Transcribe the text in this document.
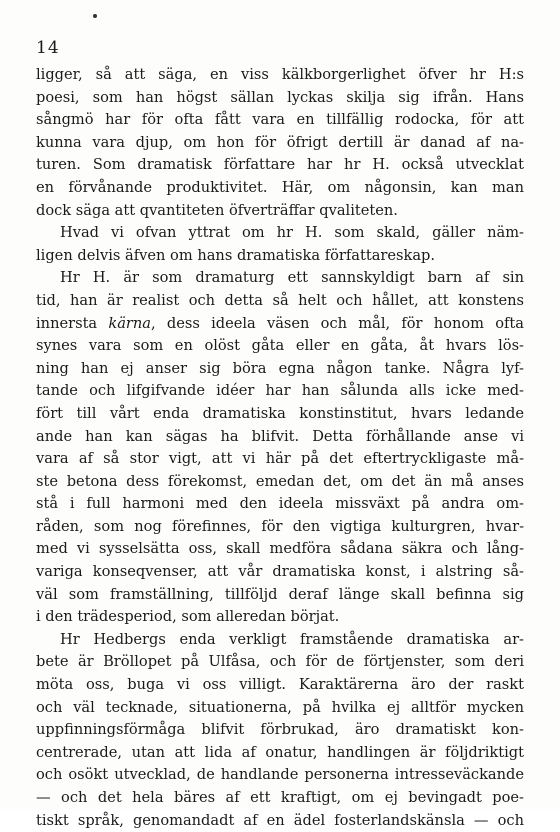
14
ligger, så att säga, en viss kälkborgerlighet öfver hr H:s
poesi, som han högst sällan lyckas skilja sig ifrån. Hans
sångmö har för ofta fått vara en tillfällig rodocka, för att
kunna vara djup, om hon för öfrigt dertill är danad af na-
turen. Som dramatisk författare har hr H. också utvecklat
en förvånande produktivitet. Här, om någonsin, kan man
dock säga att qvantiteten öfverträffar qvaliteten.
Hvad vi ofvan yttrat om hr H. som skald, gäller näm-
ligen delvis äfven om hans dramatiska författareskap.
Hr H. är som dramaturg ett sannskyldigt barn af sin
tid, han är realist och detta så helt och hållet, att konstens
innersta kärna, dess ideela väsen och mål, för honom ofta
synes vara som en olöst gåta eller en gåta, åt hvars lös-
ning han ej anser sig böra egna någon tanke. Några lyf-
tande och lifgifvande idéer har han sålunda alls icke med-
fört till vårt enda dramatiska konstinstitut, hvars ledande
ande han kan sägas ha blifvit. Detta förhållande anse vi
vara af så stor vigt, att vi här på det eftertryckligaste må-
ste betona dess förekomst, emedan det, om det än må anses
stå i full harmoni med den ideela missväxt på andra om-
råden, som nog förefinnes, för den vigtiga kulturgren, hvar-
med vi sysselsätta oss, skall medföra sådana säkra och lång-
variga konseqvenser, att vår dramatiska konst, i alstring så-
väl som framställning, tillföljd deraf länge skall befinna sig
i den trädesperiod, som alleredan börjat.
Hr Hedbergs enda verkligt framstående dramatiska ar-
bete är Bröllopet på Ulfåsa, och för de förtjenster, som deri
möta oss, buga vi oss villigt. Karaktärerna äro der raskt
och väl tecknade, situationerna, på hvilka ej alltför mycken
uppfinningsförmåga blifvit förbrukad, äro dramatiskt kon-
centrerade, utan att lida af onatur, handlingen är följdriktigt
och osökt utvecklad, de handlande personerna intresseväckande
— och det hela bäres af ett kraftigt, om ej bevingadt poe-
tiskt språk, genomandadt af en ädel fosterlandskänsla — och
